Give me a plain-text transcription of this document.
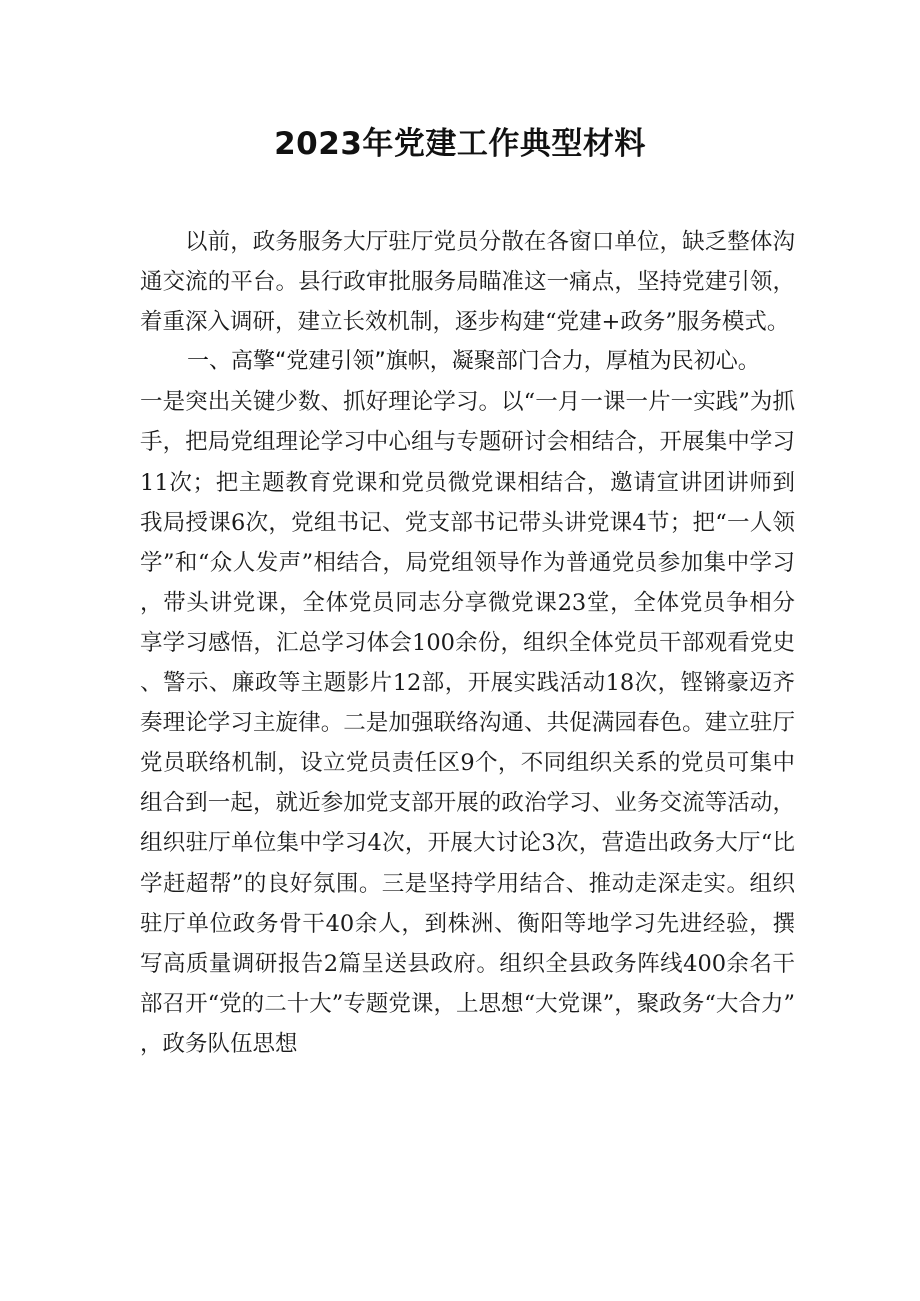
2023年党建工作典型材料

以前，政务服务大厅驻厅党员分散在各窗口单位，缺乏整体沟通交流的平台。县行政审批服务局瞄准这一痛点，坚持党建引领，着重深入调研，建立长效机制，逐步构建“党建+政务”服务模式。

一、高擎“党建引领”旗帜，凝聚部门合力，厚植为民初心。

一是突出关键少数、抓好理论学习。以“一月一课一片一实践”为抓手，把局党组理论学习中心组与专题研讨会相结合，开展集中学习11次；把主题教育党课和党员微党课相结合，邀请宣讲团讲师到我局授课6次，党组书记、党支部书记带头讲党课4节；把“一人领学”和“众人发声”相结合，局党组领导作为普通党员参加集中学习，带头讲党课，全体党员同志分享微党课23堂，全体党员争相分享学习感悟，汇总学习体会100余份，组织全体党员干部观看党史、警示、廉政等主题影片12部，开展实践活动18次，铿锵豪迈齐奏理论学习主旋律。二是加强联络沟通、共促满园春色。建立驻厅党员联络机制，设立党员责任区9个，不同组织关系的党员可集中组合到一起，就近参加党支部开展的政治学习、业务交流等活动，组织驻厅单位集中学习4次，开展大讨论3次，营造出政务大厅“比学赶超帮”的良好氛围。三是坚持学用结合、推动走深走实。组织驻厅单位政务骨干40余人，到株洲、衡阳等地学习先进经验，撰写高质量调研报告2篇呈送县政府。组织全县政务阵线400余名干部召开“党的二十大”专题党课，上思想“大党课”，聚政务“大合力”，政务队伍思想
